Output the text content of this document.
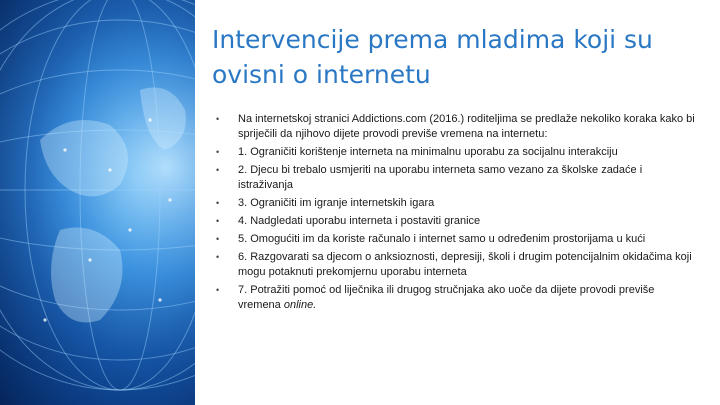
Intervencije prema mladima koji su ovisni o internetu
• Na internetskoj stranici Addictions.com (2016.) roditeljima se predlaže nekoliko koraka kako bi spriječili da njihovo dijete provodi previše vremena na internetu:
• 1. Ograničiti korištenje interneta na minimalnu uporabu za socijalnu interakciju
• 2. Djecu bi trebalo usmjeriti na uporabu interneta samo vezano za školske zadaće i istraživanja
• 3. Ograničiti im igranje internetskih igara
• 4. Nadgledati uporabu interneta i postaviti granice
• 5. Omogućiti im da koriste računalo i internet samo u određenim prostorijama u kući
• 6. Razgovarati sa djecom o anksioznosti, depresiji, školi i drugim potencijalnim okidačima koji mogu potaknuti prekomjernu uporabu interneta
• 7. Potražiti pomoć od liječnika ili drugog stručnjaka ako uoče da dijete provodi previše vremena online.
